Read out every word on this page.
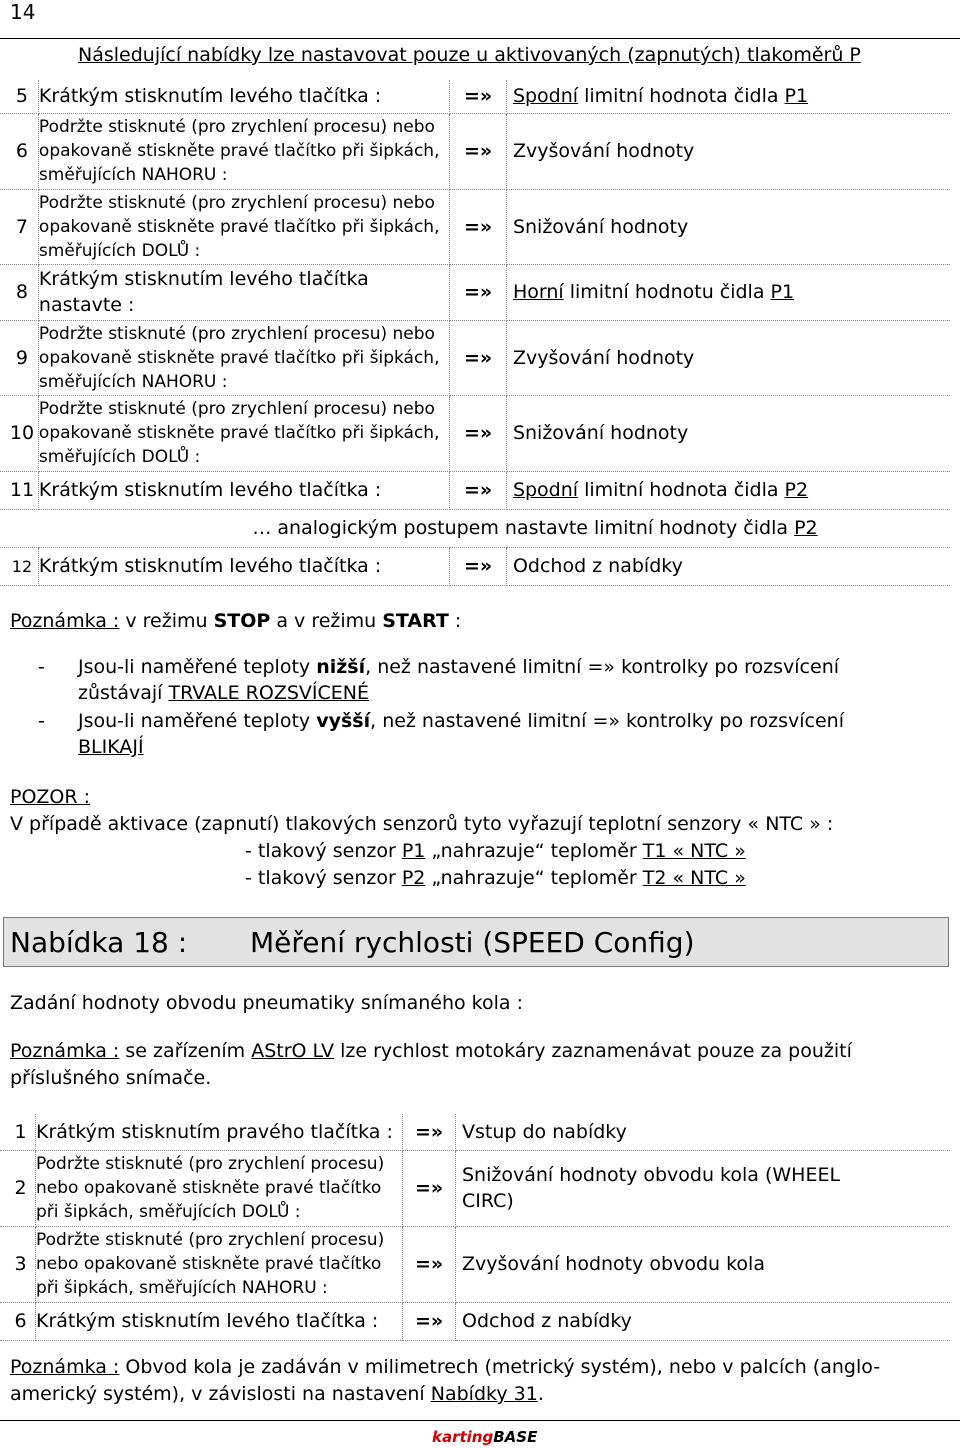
14
Následující nabídky lze nastavovat pouze u aktivovaných (zapnutých) tlakoměrů P
5	Krátkým stisknutím levého tlačítka :	=»	Spodní limitní hodnota čidla P1
6	Podržte stisknuté (pro zrychlení procesu) nebo opakovaně stiskněte pravé tlačítko při šipkách, směřujících NAHORU :	=»	Zvyšování hodnoty
7	Podržte stisknuté (pro zrychlení procesu) nebo opakovaně stiskněte pravé tlačítko při šipkách, směřujících DOLŮ :	=»	Snižování hodnoty
8	Krátkým stisknutím levého tlačítka nastavte :	=»	Horní limitní hodnotu čidla P1
9	Podržte stisknuté (pro zrychlení procesu) nebo opakovaně stiskněte pravé tlačítko při šipkách, směřujících NAHORU :	=»	Zvyšování hodnoty
10	Podržte stisknuté (pro zrychlení procesu) nebo opakovaně stiskněte pravé tlačítko při šipkách, směřujících DOLŮ :	=»	Snižování hodnoty
11	Krátkým stisknutím levého tlačítka :	=»	Spodní limitní hodnota čidla P2
… analogickým postupem nastavte limitní hodnoty čidla P2			
12	Krátkým stisknutím levého tlačítka :	=»	Odchod z nabídky
Poznámka : v režimu STOP a v režimu START :
- Jsou-li naměřené teploty nižší, než nastavené limitní =» kontrolky po rozsvícení
zůstávají TRVALE ROZSVÍCENÉ
- Jsou-li naměřené teploty vyšší, než nastavené limitní =» kontrolky po rozsvícení
BLIKAJÍ
POZOR :
V případě aktivace (zapnutí) tlakových senzorů tyto vyřazují teplotní senzory « NTC » :
- tlakový senzor P1 „nahrazuje“ teploměr T1 « NTC »
- tlakový senzor P2 „nahrazuje“ teploměr T2 « NTC »
Nabídka 18 : Měření rychlosti (SPEED Config)
Zadání hodnoty obvodu pneumatiky snímaného kola :
Poznámka : se zařízením AStrO LV lze rychlost motokáry zaznamenávat pouze za použití příslušného snímače.
1	Krátkým stisknutím pravého tlačítka :	=»	Vstup do nabídky
2	Podržte stisknuté (pro zrychlení procesu) nebo opakovaně stiskněte pravé tlačítko při šipkách, směřujících DOLŮ :	=»	Snižování hodnoty obvodu kola (WHEEL CIRC)
3	Podržte stisknuté (pro zrychlení procesu) nebo opakovaně stiskněte pravé tlačítko při šipkách, směřujících NAHORU :	=»	Zvyšování hodnoty obvodu kola
6	Krátkým stisknutím levého tlačítka :	=»	Odchod z nabídky
Poznámka : Obvod kola je zadáván v milimetrech (metrický systém), nebo v palcích (anglo-americký systém), v závislosti na nastavení Nabídky 31.
kartingBASE
